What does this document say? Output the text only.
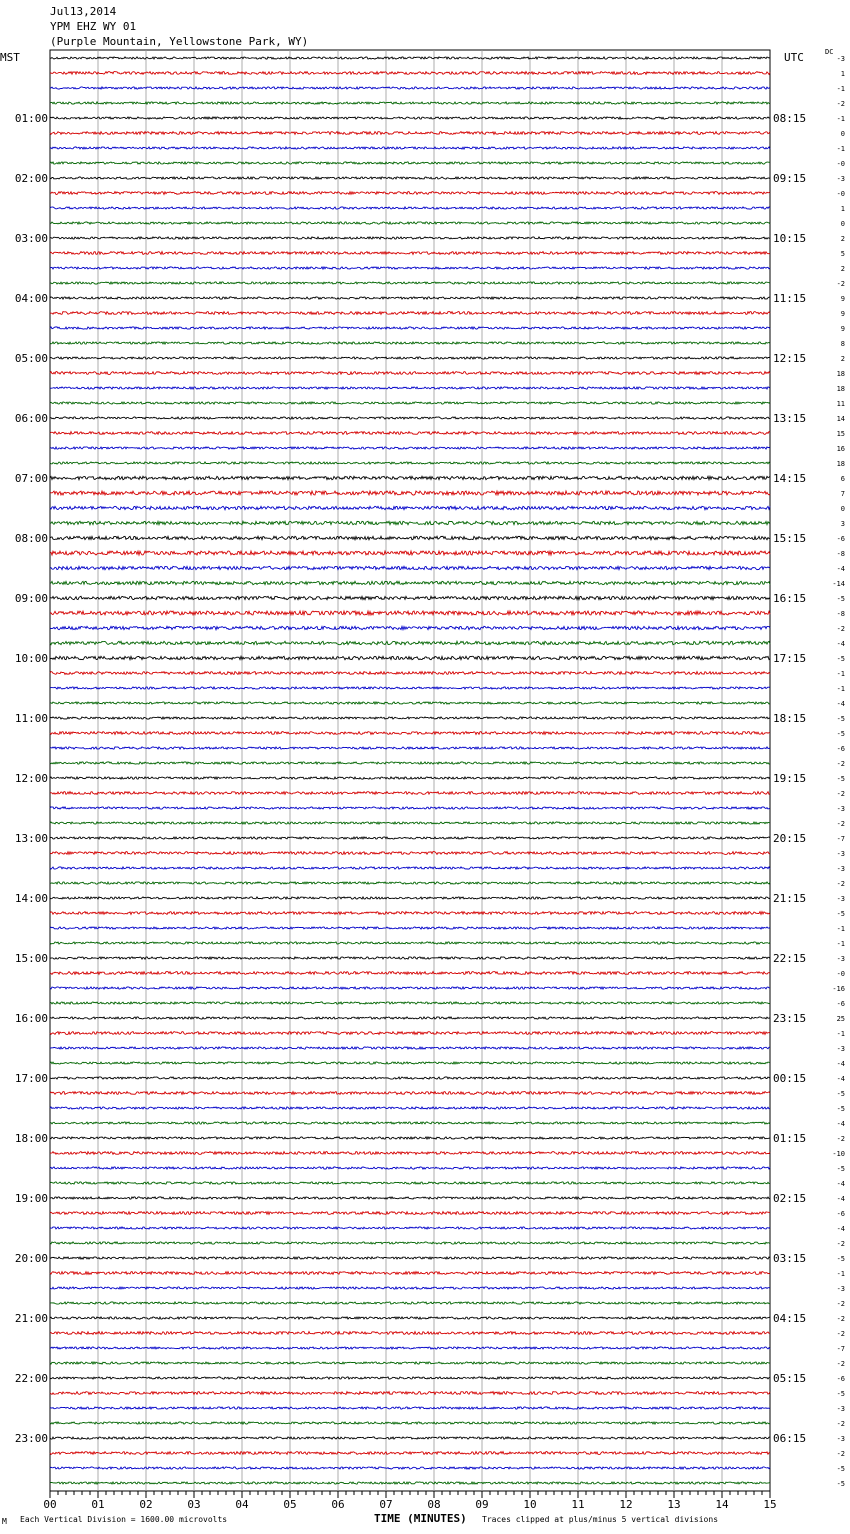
Jul13,2014
YPM EHZ WY 01
(Purple Mountain, Yellowstone Park, WY)
MST	UTC	DC
01:00
02:00
03:00
04:00
05:00
06:00
07:00
08:00
09:00
10:00
11:00
12:00
13:00
14:00
15:00
16:00
17:00
18:00
19:00
20:00
21:00
22:00
23:00
08:15
09:15
10:15
11:15
12:15
13:15
14:15
15:15
16:15
17:15
18:15
19:15
20:15
21:15
22:15
23:15
00:15
01:15
02:15
03:15
04:15
05:15
06:15
-3
1
-1
-2
-1
0
-1
-0
-3
-0
1
0
2
5
2
-2
9
9
9
8
2
18
18
11
14
15
16
18
6
7
0
3
-6
-8
-4
-14
-5
-8
-2
-4
-5
-1
-1
-4
-5
-5
-6
-2
-5
-2
-3
-2
-7
-3
-3
-2
-3
-5
-1
-1
-3
-0
-16
-6
25
-1
-3
-4
-4
-5
-5
-4
-2
-10
-5
-4
-4
-6
-4
-2
-5
-1
-3
-2
-2
-2
-7
-2
-6
-5
-3
-2
-3
-2
-5
-5
00	01	02	03	04	05	06	07	08	09	10	11	12	13	14	15
M Each Vertical Division = 1600.00 microvolts	TIME (MINUTES) Traces clipped at plus/minus 5 vertical divisions
